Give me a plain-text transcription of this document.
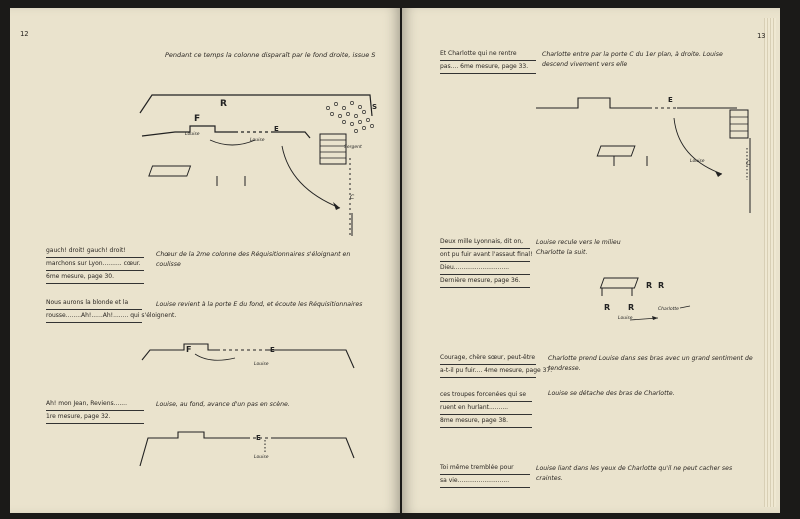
12
Pendant ce temps la colonne disparaît par le fond droite, issue S
R	S
F
E
C
Louise
Louise
Sergent
gauch! droit! gauch! droit!
marchons sur Lyon.......... cœur.
6me mesure, page 30.
Chœur de la 2me colonne des Réquisitionnaires s'éloignant en coulisse
Nous aurons la blonde et la
rousse........Ah!......Ah!........ qui s'éloignent.
Louise revient à la porte E du fond, et écoute les Réquisitionnaires
F	E
Louise
Ah! mon Jean, Reviens.......
1re mesure, page 32.
Louise, au fond, avance d'un pas en scène.
E
Louise
13
Et Charlotte qui ne rentre
pas.... 6me mesure, page 33.
Charlotte entre par la porte C du 1er plan, à droite. Louise descend vivement vers elle
E
C
Louise
Deux mille Lyonnais, dit on,
ont pu fuir avant l'assaut final!
Dieu.............................
Dernière mesure, page 36.
Louise recule vers le milieu Charlotte la suit.
R R
R R	Charlotte
Louise
Courage, chère sœur, peut-être
a-t-il pu fuir.... 4me mesure, page 37.
Charlotte prend Louise dans ses bras avec un grand sentiment de tendresse.
ces troupes forcenées qui se
ruent en hurlant..........
8me mesure, page 38.
Louise se détache des bras de Charlotte.
Toi même tremblée pour
sa vie...........................
Louise liant dans les yeux de Charlotte qu'il ne peut cacher ses craintes.
